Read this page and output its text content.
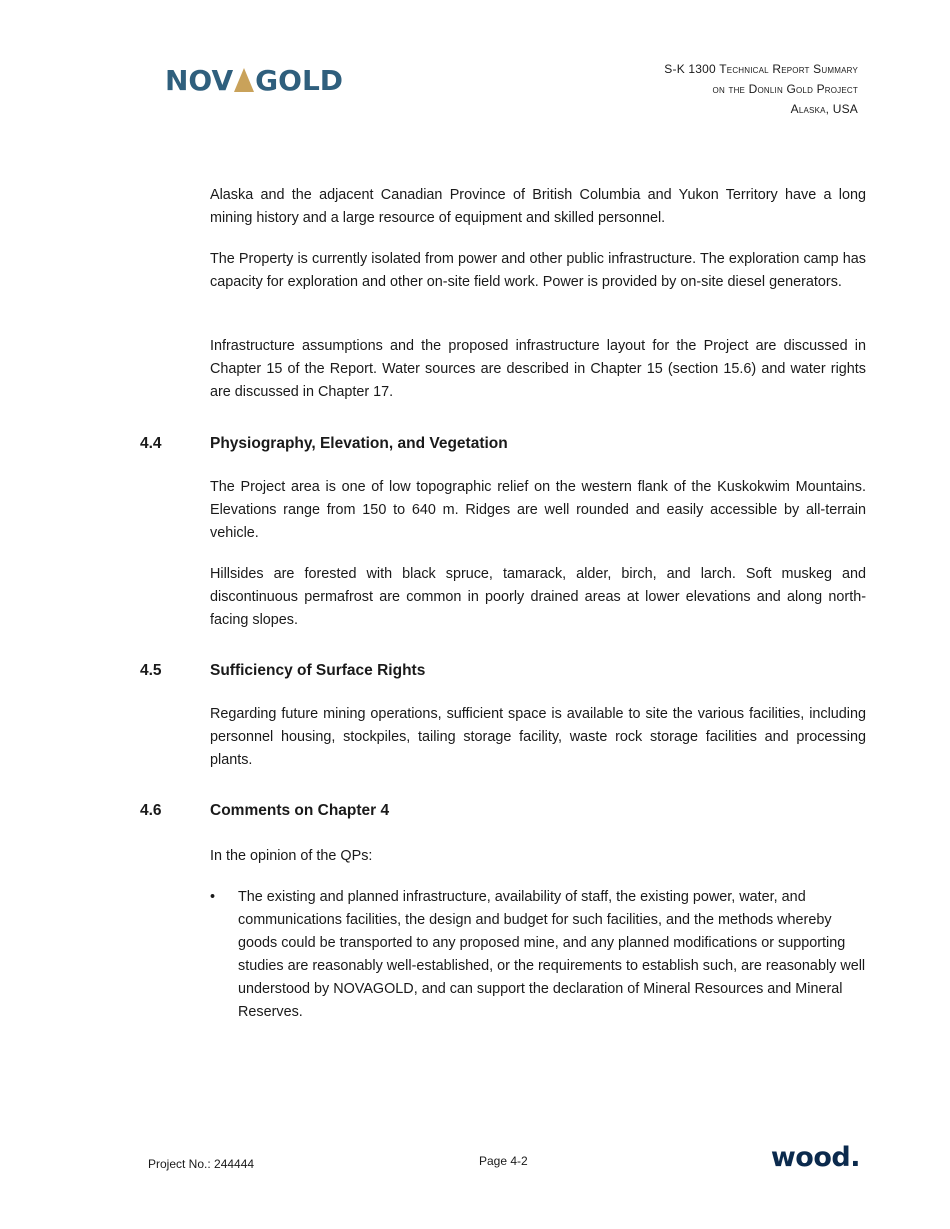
NOV GOLD	S-K 1300 Technical Report Summary
on the Donlin Gold Project
Alaska, USA

Alaska and the adjacent Canadian Province of British Columbia and Yukon Territory have a long mining history and a large resource of equipment and skilled personnel.

The Property is currently isolated from power and other public infrastructure. The exploration camp has capacity for exploration and other on-site field work. Power is provided by on-site diesel generators.

Infrastructure assumptions and the proposed infrastructure layout for the Project are discussed in Chapter 15 of the Report. Water sources are described in Chapter 15 (section 15.6) and water rights are discussed in Chapter 17.

4.4	Physiography, Elevation, and Vegetation

The Project area is one of low topographic relief on the western flank of the Kuskokwim Mountains. Elevations range from 150 to 640 m. Ridges are well rounded and easily accessible by all-terrain vehicle.

Hillsides are forested with black spruce, tamarack, alder, birch, and larch. Soft muskeg and discontinuous permafrost are common in poorly drained areas at lower elevations and along north-facing slopes.

4.5	Sufficiency of Surface Rights

Regarding future mining operations, sufficient space is available to site the various facilities, including personnel housing, stockpiles, tailing storage facility, waste rock storage facilities and processing plants.

4.6	Comments on Chapter 4

In the opinion of the QPs:

•	The existing and planned infrastructure, availability of staff, the existing power, water, and communications facilities, the design and budget for such facilities, and the methods whereby goods could be transported to any proposed mine, and any planned modifications or supporting studies are reasonably well-established, or the requirements to establish such, are reasonably well understood by NOVAGOLD, and can support the declaration of Mineral Resources and Mineral Reserves.
Project No.: 244444	Page 4-2	wood.
